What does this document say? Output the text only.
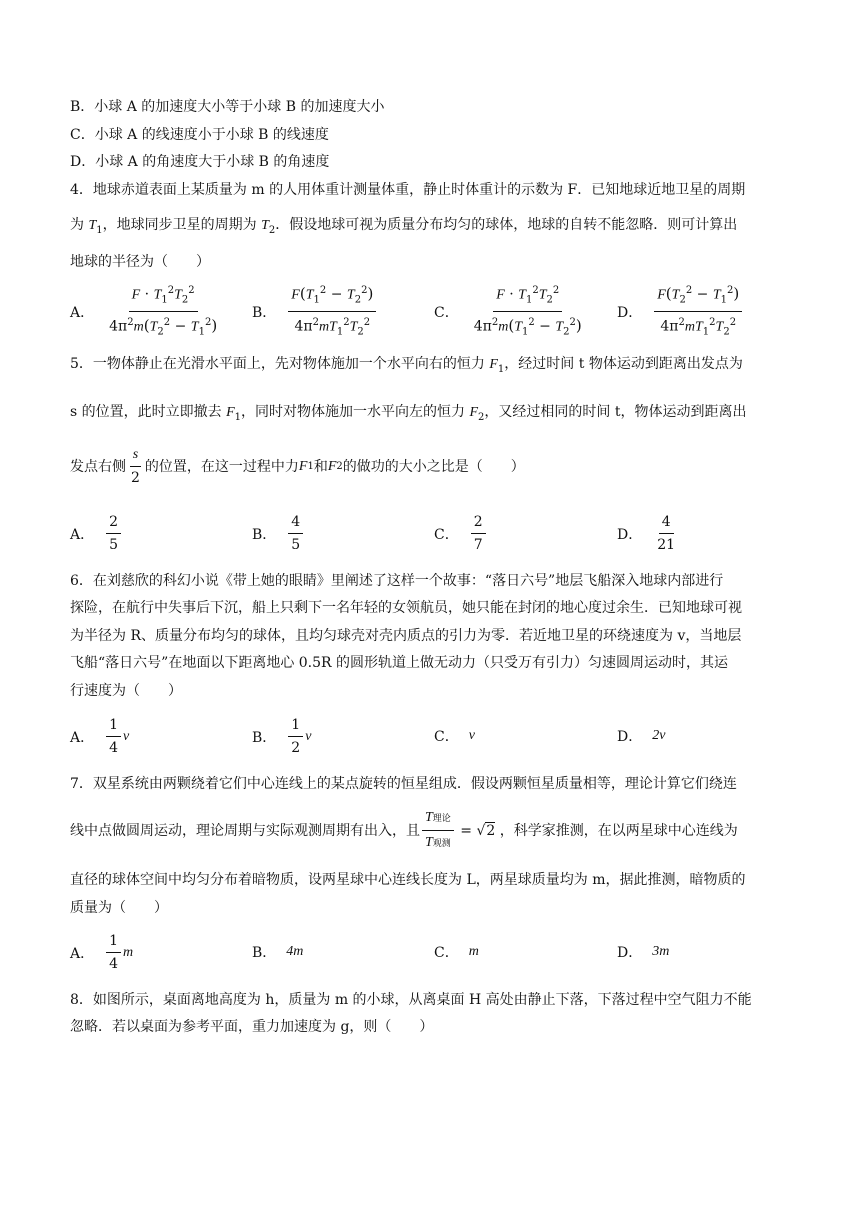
B．小球 A 的加速度大小等于小球 B 的加速度大小
C．小球 A 的线速度小于小球 B 的线速度
D．小球 A 的角速度大于小球 B 的角速度
4．地球赤道表面上某质量为 m 的人用体重计测量体重，静止时体重计的示数为 F．已知地球近地卫星的周期
为 $T_1$，地球同步卫星的周期为 $T_2$．假设地球可视为质量分布均匀的球体，地球的自转不能忽略．则可计算出
地球的半径为（　　）
A． $\frac{F \cdot T_1^2T_2^2}{4\pi^2m(T_2^2 - T_1^2)}$ B． $\frac{F(T_1^2 - T_2^2)}{4\pi^2mT_1^2T_2^2}$	C． $\frac{F \cdot T_1^2T_2^2}{4\pi^2m(T_1^2 - T_2^2)}$ D． $\frac{F(T_2^2 - T_1^2)}{4\pi^2mT_1^2T_2^2}$
5．一物体静止在光滑水平面上，先对物体施加一个水平向右的恒力 $F_1$，经过时间 t 物体运动到距离出发点为
s 的位置，此时立即撤去 $F_1$，同时对物体施加一水平向左的恒力 $F_2$，又经过相同的时间 t，物体运动到距离出
发点右侧 $\frac{s}{2}$ 的位置，在这一过程中力 F 1 和 F 2 的做功的大小之比是（　　）
A． $\frac{2}{5}$	B． $\frac{4}{5}$	C． $\frac{2}{7}$	D． $\frac{4}{21}$
6．在刘慈欣的科幻小说《带上她的眼睛》里阐述了这样一个故事：“落日六号”地层飞船深入地球内部进行
探险，在航行中失事后下沉，船上只剩下一名年轻的女领航员，她只能在封闭的地心度过余生．已知地球可视
为半径为 R、质量分布均匀的球体，且均匀球壳对壳内质点的引力为零．若近地卫星的环绕速度为 v，当地层
飞船“落日六号”在地面以下距离地心 0.5R 的圆形轨道上做无动力（只受万有引力）匀速圆周运动时，其运
行速度为（　　）
A． $\frac{1}{4}$ v	B． $\frac{1}{2}$ v	C． v	D． 2v
7．双星系统由两颗绕着它们中心连线上的某点旋转的恒星组成．假设两颗恒星质量相等，理论计算它们绕连
线中点做圆周运动，理论周期与实际观测周期有出入，且 $\frac{\text{T理论}}{\text{T观测}} = √2$ ，科学家推测，在以两星球中心连线为
直径的球体空间中均匀分布着暗物质，设两星球中心连线长度为 L，两星球质量均为 m，据此推测，暗物质的
质量为（　　）
A． $\frac{1}{4}$ m	B． 4m	C． m	D． 3m
8．如图所示，桌面离地高度为 h，质量为 m 的小球，从离桌面 H 高处由静止下落，下落过程中空气阻力不能
忽略．若以桌面为参考平面，重力加速度为 g，则（　　）
